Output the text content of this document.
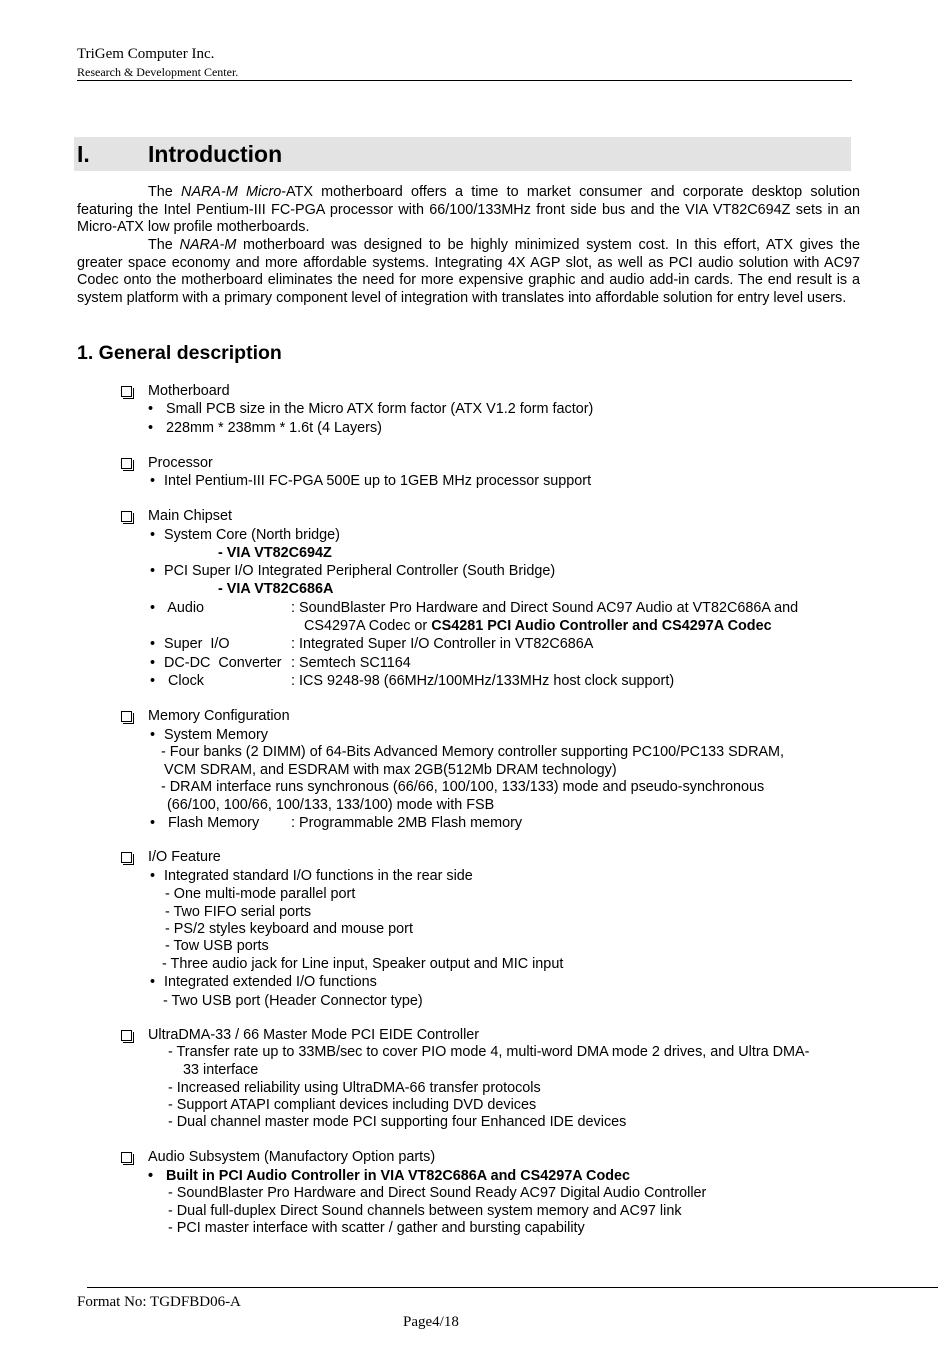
TriGem Computer Inc.
Research & Development Center.
I.	Introduction

The NARA-M Micro-ATX motherboard offers a time to market consumer and corporate desktop solution featuring the Intel Pentium-III FC-PGA processor with 66/100/133MHz front side bus and the VIA VT82C694Z sets in an Micro-ATX low profile motherboards.

The NARA-M motherboard was designed to be highly minimized system cost. In this effort, ATX gives the greater space economy and more affordable systems. Integrating 4X AGP slot, as well as PCI audio solution with AC97 Codec onto the motherboard eliminates the need for more expensive graphic and audio add-in cards. The end result is a system platform with a primary component level of integration with translates into affordable solution for entry level users.

1. General description
Motherboard
• Small PCB size in the Micro ATX form factor (ATX V1.2 form factor)
• 228mm * 238mm * 1.6t (4 Layers)
Processor
• Intel Pentium-III FC-PGA 500E up to 1GEB MHz processor support
Main Chipset
• System Core (North bridge)
- VIA VT82C694Z
• PCI Super I/O Integrated Peripheral Controller (South Bridge)
- VIA VT82C686A
• Audio	: SoundBlaster Pro Hardware and Direct Sound AC97 Audio at VT82C686A and
CS4297A Codec or CS4281 PCI Audio Controller and CS4297A Codec
• Super  I/O	: Integrated Super I/O Controller in VT82C686A
• DC-DC  Converter : Semtech SC1164
• Clock	: ICS 9248-98 (66MHz/100MHz/133MHz host clock support)
Memory Configuration
• System Memory
- Four banks (2 DIMM) of 64-Bits Advanced Memory controller supporting PC100/PC133 SDRAM,
VCM SDRAM, and ESDRAM with max 2GB(512Mb DRAM technology)
- DRAM interface runs synchronous (66/66, 100/100, 133/133) mode and pseudo-synchronous
(66/100, 100/66, 100/133, 133/100) mode with FSB
• Flash Memory : Programmable 2MB Flash memory
I/O Feature
• Integrated standard I/O functions in the rear side
- One multi-mode parallel port
- Two FIFO serial ports
- PS/2 styles keyboard and mouse port
- Tow USB ports
- Three audio jack for Line input, Speaker output and MIC input
• Integrated extended I/O functions
- Two USB port (Header Connector type)
UltraDMA-33 / 66 Master Mode PCI EIDE Controller
- Transfer rate up to 33MB/sec to cover PIO mode 4, multi-word DMA mode 2 drives, and Ultra DMA-
33 interface
- Increased reliability using UltraDMA-66 transfer protocols
- Support ATAPI compliant devices including DVD devices
- Dual channel master mode PCI supporting four Enhanced IDE devices
Audio Subsystem (Manufactory Option parts)
• Built in PCI Audio Controller in VIA VT82C686A and CS4297A Codec
- SoundBlaster Pro Hardware and Direct Sound Ready AC97 Digital Audio Controller
- Dual full-duplex Direct Sound channels between system memory and AC97 link
- PCI master interface with scatter / gather and bursting capability
Format No: TGDFBD06-A
Page4/18
